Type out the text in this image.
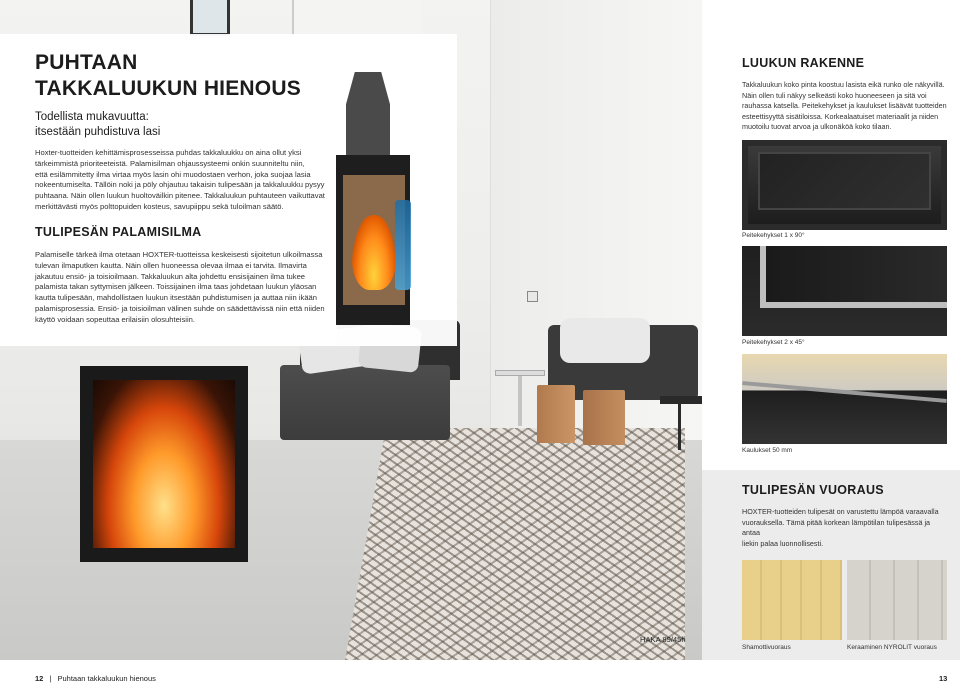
PUHTAAN
TAKKALUUKUN HIENOUS
Todellista mukavuutta:
itsestään puhdistuva lasi
Hoxter-tuotteiden kehittämisprosesseissa puhdas takkaluukku on aina ollut yksi
tärkeimmistä prioriteeteistä. Palamisilman ohjaussysteemi onkin suunniteltu niin,
että esilämmitetty ilma virtaa myös lasin ohi muodostaen verhon, joka suojaa lasia
nokeentumiselta. Tällöin noki ja pöly ohjautuu takaisin tulipesään ja takkaluukku pysyy
puhtaana. Näin ollen luukun huoltoväilkin pitenee. Takkaluukun puhtauteen vaikuttavat
merkittävästi myös polttopuiden kosteus, savupiippu sekä tuloilman säätö.
TULIPESÄN PALAMISILMA
Palamiselle tärkeä ilma otetaan HOXTER-tuotteissa keskeisesti sijoitetun ulkoilmassa
tulevan ilmaputken kautta. Näin ollen huoneessa olevaa ilmaa ei tarvita. Ilmavirta
jakautuu ensiö- ja toisioilmaan. Takkaluukun alta johdettu ensisijainen ilma tukee
palamista takan syttymisen jälkeen. Toissijainen ilma taas johdetaan luukun yläosan
kautta tulipesään, mahdollistaen luukun itsestään puhdistumisen ja auttaa niin ikään
palamisprosessia. Ensiö- ja toisioilman välinen suhde on säädettävissä niin että niiden
käyttö voidaan sopeuttaa erilaisiin olosuhteisiin.
HAKA 89/45h
LUUKUN RAKENNE
Takkaluukun koko pinta koostuu lasista eikä runko ole näkyvillä.
Näin ollen tuli näkyy selkeästi koko huoneeseen ja sitä voi
rauhassa katsella. Peitekehykset ja kaulukset lisäävät tuotteiden
esteettisyyttä sisätiloissa. Korkealaatuiset materiaalit ja niiden
muotoilu tuovat arvoa ja ulkonäköä koko tilaan.
Peitekehykset 1 x 90°
Peitekehykset 2 x 45°
Kaulukset 50 mm
TULIPESÄN VUORAUS
HOXTER-tuotteiden tulipesät on varustettu lämpöä varaavalla
vuorauksella. Tämä pitää korkean lämpötilan tulipesässä ja antaa
liekin palaa luonnollisesti.
Shamottivuoraus	Keraaminen NYROLIT vuoraus
12 | Puhtaan takkaluukun hienous	13
